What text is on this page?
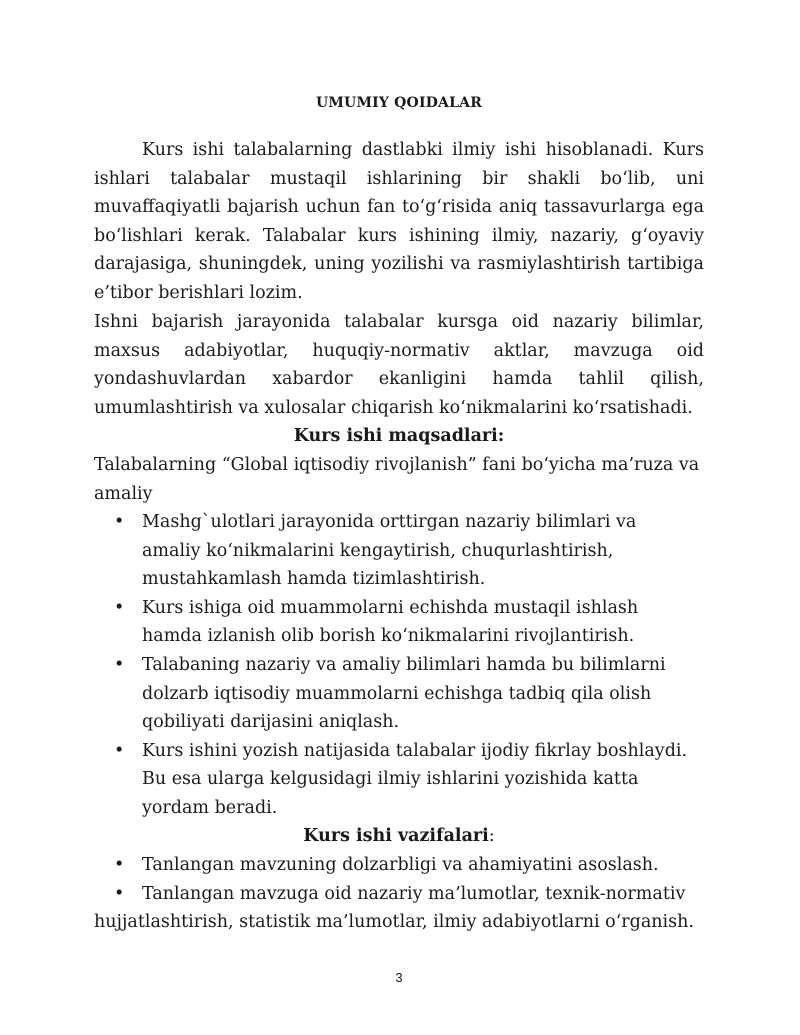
UMUMIY QOIDALAR
Kurs ishi talabalarning dastlabki ilmiy ishi hisoblanadi. Kurs ishlari talabalar mustaqil ishlarining bir shakli bo‘lib, uni muvaffaqiyatli bajarish uchun fan to‘g‘risida aniq tassavurlarga ega bo‘lishlari kerak. Talabalar kurs ishining ilmiy, nazariy, g‘oyaviy darajasiga, shuningdek, uning yozilishi va rasmiylashtirish tartibiga e’tibor berishlari lozim.
Ishni bajarish jarayonida talabalar kursga oid nazariy bilimlar, maxsus adabiyotlar, huquqiy-normativ aktlar, mavzuga oid yondashuvlardan xabardor ekanligini hamda tahlil qilish, umumlashtirish va xulosalar chiqarish ko‘nikmalarini ko‘rsatishadi.
Kurs ishi maqsadlari:
Talabalarning “Global iqtisodiy rivojlanish” fani bo‘yicha ma’ruza va amaliy
• Mashg`ulotlari jarayonida orttirgan nazariy bilimlari va amaliy ko‘nikmalarini kengaytirish, chuqurlashtirish, mustahkamlash hamda tizimlashtirish.
• Kurs ishiga oid muammolarni echishda mustaqil ishlash hamda izlanish olib borish ko‘nikmalarini rivojlantirish.
• Talabaning nazariy va amaliy bilimlari hamda bu bilimlarni dolzarb iqtisodiy muammolarni echishga tadbiq qila olish qobiliyati darijasini aniqlash.
• Kurs ishini yozish natijasida talabalar ijodiy fikrlay boshlaydi. Bu esa ularga kelgusidagi ilmiy ishlarini yozishida katta yordam beradi.
Kurs ishi vazifalari:
• Tanlangan mavzuning dolzarbligi va ahamiyatini asoslash.
• Tanlangan mavzuga oid nazariy ma’lumotlar, texnik-normativ hujjatlashtirish, statistik ma’lumotlar, ilmiy adabiyotlarni o‘rganish.
3
